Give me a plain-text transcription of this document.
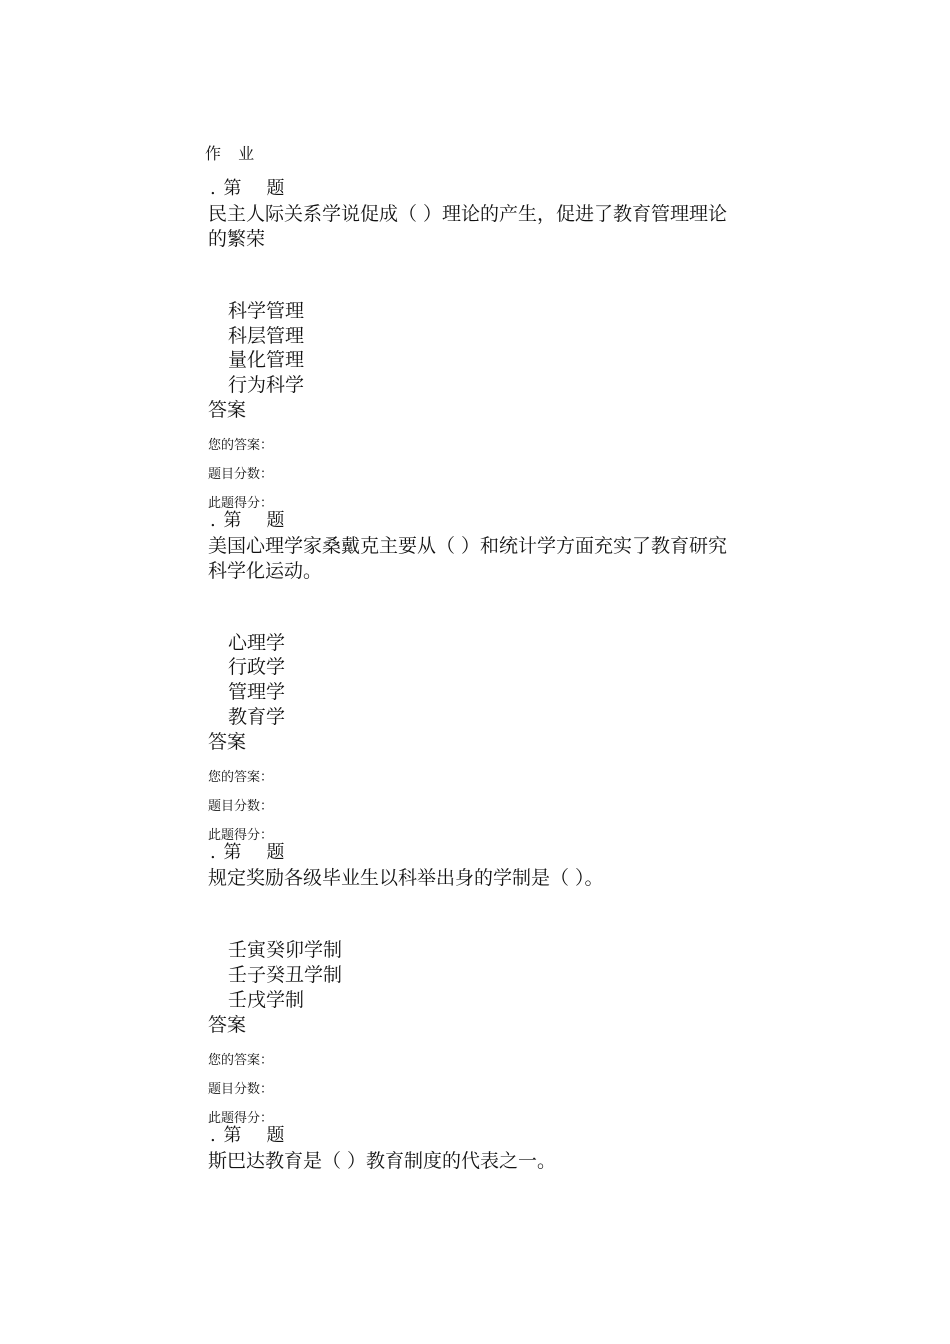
作 业
. 第 题
民主人际关系学说促成（ ）理论的产生，促进了教育管理理论
的繁荣
科学管理
科层管理
量化管理
行为科学
答案
您的答案：
题目分数：
此题得分：
. 第 题
美国心理学家桑戴克主要从（ ）和统计学方面充实了教育研究
科学化运动。
心理学
行政学
管理学
教育学
答案
您的答案：
题目分数：
此题得分：
. 第 题
规定奖励各级毕业生以科举出身的学制是（ ）。
壬寅癸卯学制
壬子癸丑学制
壬戌学制
答案
您的答案：
题目分数：
此题得分：
. 第 题
斯巴达教育是（ ）教育制度的代表之一。
